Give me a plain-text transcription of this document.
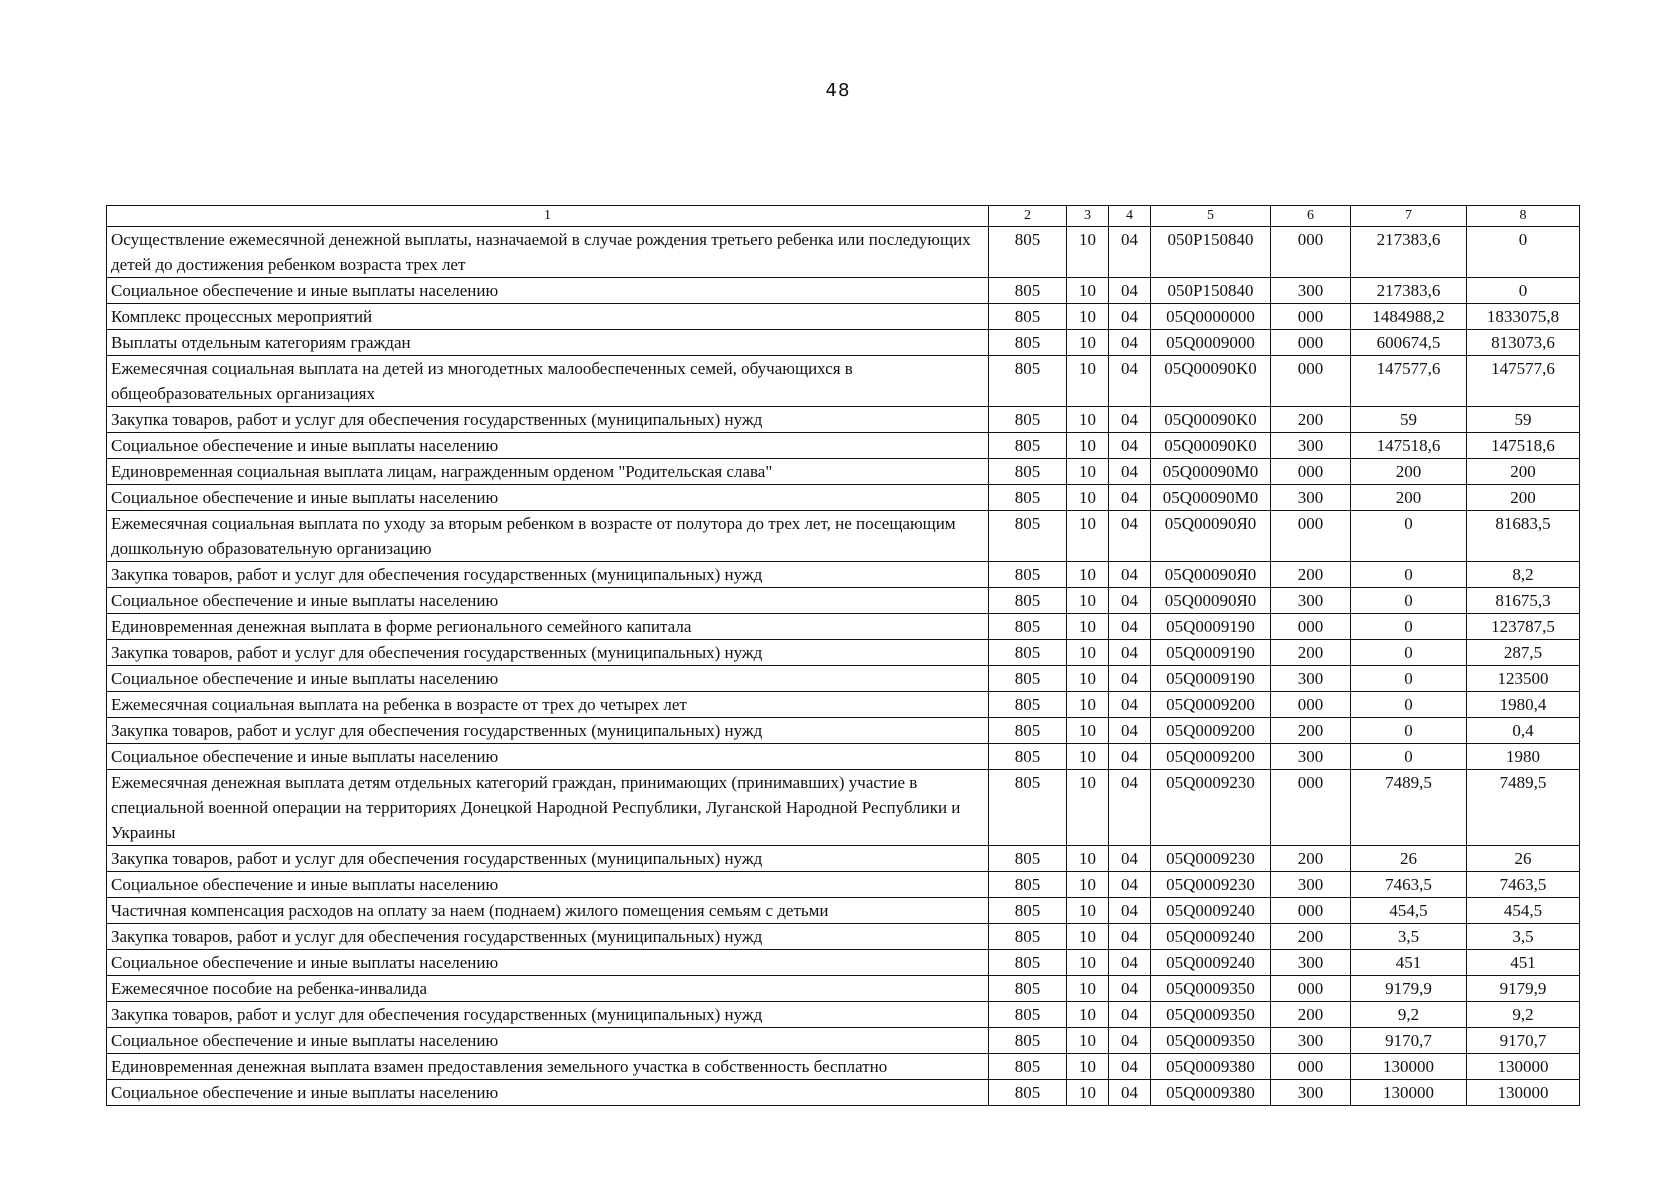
48
1	2	3	4	5	6	7	8
Осуществление ежемесячной денежной выплаты, назначаемой в случае рождения третьего ребенка или последующих детей до достижения ребенком возраста трех лет	805	10	04	050P150840	000	217383,6	0
Социальное обеспечение и иные выплаты населению	805	10	04	050P150840	300	217383,6	0
Комплекс процессных мероприятий	805	10	04	05Q0000000	000	1484988,2	1833075,8
Выплаты отдельным категориям граждан	805	10	04	05Q0009000	000	600674,5	813073,6
Ежемесячная социальная выплата на детей из многодетных малообеспеченных семей, обучающихся в общеобразовательных организациях	805	10	04	05Q00090K0	000	147577,6	147577,6
Закупка товаров, работ и услуг для обеспечения государственных (муниципальных) нужд	805	10	04	05Q00090K0	200	59	59
Социальное обеспечение и иные выплаты населению	805	10	04	05Q00090K0	300	147518,6	147518,6
Единовременная социальная выплата лицам, награжденным орденом "Родительская слава"	805	10	04	05Q00090M0	000	200	200
Социальное обеспечение и иные выплаты населению	805	10	04	05Q00090M0	300	200	200
Ежемесячная социальная выплата по уходу за вторым ребенком в возрасте от полутора до трех лет, не посещающим дошкольную образовательную организацию	805	10	04	05Q00090Я0	000	0	81683,5
Закупка товаров, работ и услуг для обеспечения государственных (муниципальных) нужд	805	10	04	05Q00090Я0	200	0	8,2
Социальное обеспечение и иные выплаты населению	805	10	04	05Q00090Я0	300	0	81675,3
Единовременная денежная выплата в форме регионального семейного капитала	805	10	04	05Q0009190	000	0	123787,5
Закупка товаров, работ и услуг для обеспечения государственных (муниципальных) нужд	805	10	04	05Q0009190	200	0	287,5
Социальное обеспечение и иные выплаты населению	805	10	04	05Q0009190	300	0	123500
Ежемесячная социальная выплата на ребенка в возрасте от трех до четырех лет	805	10	04	05Q0009200	000	0	1980,4
Закупка товаров, работ и услуг для обеспечения государственных (муниципальных) нужд	805	10	04	05Q0009200	200	0	0,4
Социальное обеспечение и иные выплаты населению	805	10	04	05Q0009200	300	0	1980
Ежемесячная денежная выплата детям отдельных категорий граждан, принимающих (принимавших) участие в специальной военной операции на территориях Донецкой Народной Республики, Луганской Народной Республики и Украины	805	10	04	05Q0009230	000	7489,5	7489,5
Закупка товаров, работ и услуг для обеспечения государственных (муниципальных) нужд	805	10	04	05Q0009230	200	26	26
Социальное обеспечение и иные выплаты населению	805	10	04	05Q0009230	300	7463,5	7463,5
Частичная компенсация расходов на оплату за наем (поднаем) жилого помещения семьям с детьми	805	10	04	05Q0009240	000	454,5	454,5
Закупка товаров, работ и услуг для обеспечения государственных (муниципальных) нужд	805	10	04	05Q0009240	200	3,5	3,5
Социальное обеспечение и иные выплаты населению	805	10	04	05Q0009240	300	451	451
Ежемесячное пособие на ребенка-инвалида	805	10	04	05Q0009350	000	9179,9	9179,9
Закупка товаров, работ и услуг для обеспечения государственных (муниципальных) нужд	805	10	04	05Q0009350	200	9,2	9,2
Социальное обеспечение и иные выплаты населению	805	10	04	05Q0009350	300	9170,7	9170,7
Единовременная денежная выплата взамен предоставления земельного участка в собственность бесплатно	805	10	04	05Q0009380	000	130000	130000
Социальное обеспечение и иные выплаты населению	805	10	04	05Q0009380	300	130000	130000
